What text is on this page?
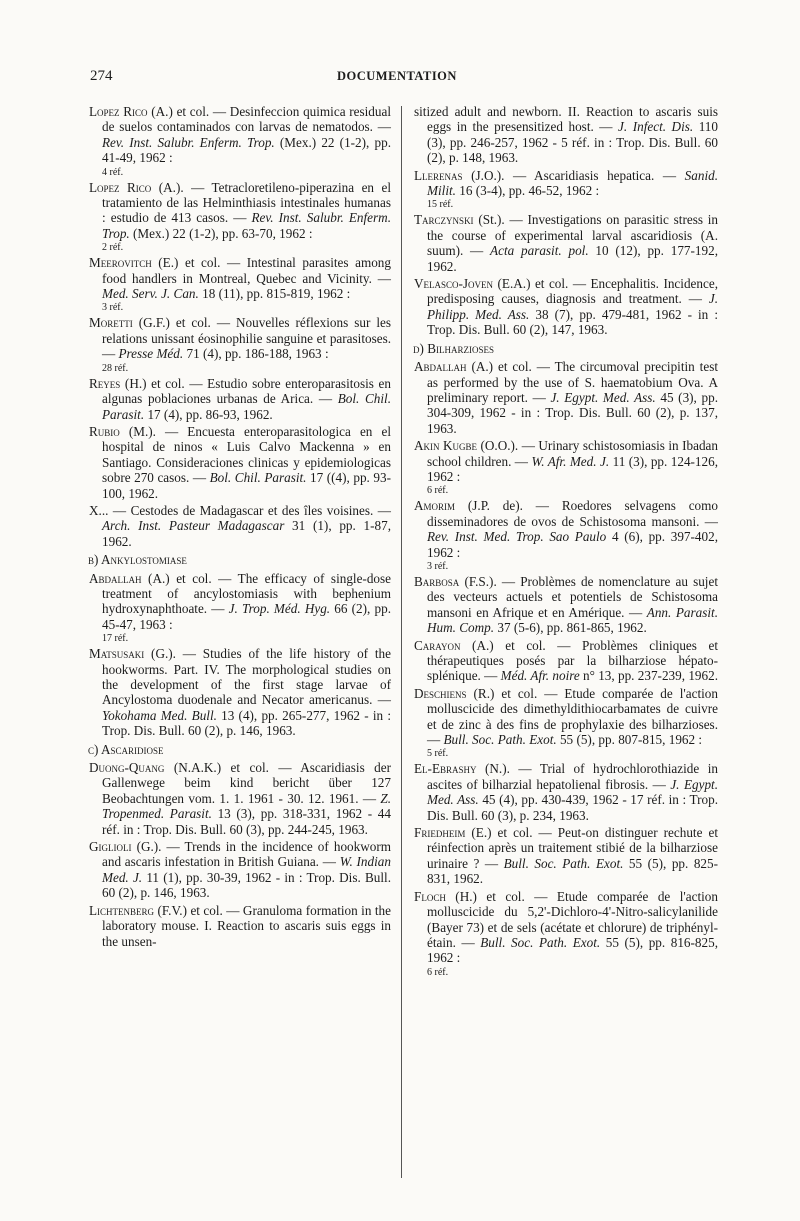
274	DOCUMENTATION
Lopez Rico (A.) et col. — Desinfeccion quimica residual de suelos contaminados con larvas de nematodos. — Rev. Inst. Salubr. Enferm. Trop. (Mex.) 22 (1-2), pp. 41-49, 1962 :
4 réf.
Lopez Rico (A.). — Tetracloretileno-piperazina en el tratamiento de las Helminthiasis intestinales humanas : estudio de 413 casos. — Rev. Inst. Salubr. Enferm. Trop. (Mex.) 22 (1-2), pp. 63-70, 1962 :
2 réf.
Meerovitch (E.) et col. — Intestinal parasites among food handlers in Montreal, Quebec and Vicinity. — Med. Serv. J. Can. 18 (11), pp. 815-819, 1962 :
3 réf.
Moretti (G.F.) et col. — Nouvelles réflexions sur les relations unissant éosinophilie sanguine et parasitoses. — Presse Méd. 71 (4), pp. 186-188, 1963 :
28 réf.
Reyes (H.) et col. — Estudio sobre enteroparasitosis en algunas poblaciones urbanas de Arica. — Bol. Chil. Parasit. 17 (4), pp. 86-93, 1962.
Rubio (M.). — Encuesta enteroparasitologica en el hospital de ninos « Luis Calvo Mackenna » en Santiago. Consideraciones clinicas y epidemiologicas sobre 270 casos. — Bol. Chil. Parasit. 17 ((4), pp. 93-100, 1962.
X... — Cestodes de Madagascar et des îles voisines. — Arch. Inst. Pasteur Madagascar 31 (1), pp. 1-87, 1962.
b) Ankylostomiase
Abdallah (A.) et col. — The efficacy of single-dose treatment of ancylostomiasis with bephenium hydroxynaphthoate. — J. Trop. Méd. Hyg. 66 (2), pp. 45-47, 1963 :
17 réf.
Matsusaki (G.). — Studies of the life history of the hookworms. Part. IV. The morphological studies on the development of the first stage larvae of Ancylostoma duodenale and Necator americanus. — Yokohama Med. Bull. 13 (4), pp. 265-277, 1962 - in : Trop. Dis. Bull. 60 (2), p. 146, 1963.
c) Ascaridiose
Duong-Quang (N.A.K.) et col. — Ascaridiasis der Gallenwege beim kind bericht über 127 Beobachtungen vom. 1. 1. 1961 - 30. 12. 1961. — Z. Tropenmed. Parasit. 13 (3), pp. 318-331, 1962 - 44 réf. in : Trop. Dis. Bull. 60 (3), pp. 244-245, 1963.
Giglioli (G.). — Trends in the incidence of hookworm and ascaris infestation in British Guiana. — W. Indian Med. J. 11 (1), pp. 30-39, 1962 - in : Trop. Dis. Bull. 60 (2), p. 146, 1963.
Lichtenberg (F.V.) et col. — Granuloma formation in the laboratory mouse. I. Reaction to ascaris suis eggs in the unsen-
sitized adult and newborn. II. Reaction to ascaris suis eggs in the presensitized host. — J. Infect. Dis. 110 (3), pp. 246-257, 1962 - 5 réf. in : Trop. Dis. Bull. 60 (2), p. 148, 1963.
Llerenas (J.O.). — Ascaridiasis hepatica. — Sanid. Milit. 16 (3-4), pp. 46-52, 1962 :
15 réf.
Tarczynski (St.). — Investigations on parasitic stress in the course of experimental larval ascaridiosis (A. suum). — Acta parasit. pol. 10 (12), pp. 177-192, 1962.
Velasco-Joven (E.A.) et col. — Encephalitis. Incidence, predisposing causes, diagnosis and treatment. — J. Philipp. Med. Ass. 38 (7), pp. 479-481, 1962 - in : Trop. Dis. Bull. 60 (2), 147, 1963.
d) Bilharzioses
Abdallah (A.) et col. — The circumoval precipitin test as performed by the use of S. haematobium Ova. A preliminary report. — J. Egypt. Med. Ass. 45 (3), pp. 304-309, 1962 - in : Trop. Dis. Bull. 60 (2), p. 137, 1963.
Akin Kugbe (O.O.). — Urinary schistosomiasis in Ibadan school children. — W. Afr. Med. J. 11 (3), pp. 124-126, 1962 :
6 réf.
Amorim (J.P. de). — Roedores selvagens como disseminadores de ovos de Schistosoma mansoni. — Rev. Inst. Med. Trop. Sao Paulo 4 (6), pp. 397-402, 1962 :
3 réf.
Barbosa (F.S.). — Problèmes de nomenclature au sujet des vecteurs actuels et potentiels de Schistosoma mansoni en Afrique et en Amérique. — Ann. Parasit. Hum. Comp. 37 (5-6), pp. 861-865, 1962.
Carayon (A.) et col. — Problèmes cliniques et thérapeutiques posés par la bilharziose hépato-splénique. — Méd. Afr. noire n° 13, pp. 237-239, 1962.
Deschiens (R.) et col. — Etude comparée de l'action molluscicide des dimethyldithiocarbamates de cuivre et de zinc à des fins de prophylaxie des bilharzioses. — Bull. Soc. Path. Exot. 55 (5), pp. 807-815, 1962 :
5 réf.
El-Ebrashy (N.). — Trial of hydrochlorothiazide in ascites of bilharzial hepatolienal fibrosis. — J. Egypt. Med. Ass. 45 (4), pp. 430-439, 1962 - 17 réf. in : Trop. Dis. Bull. 60 (3), p. 234, 1963.
Friedheim (E.) et col. — Peut-on distinguer rechute et réinfection après un traitement stibié de la bilharziose urinaire ? — Bull. Soc. Path. Exot. 55 (5), pp. 825-831, 1962.
Floch (H.) et col. — Etude comparée de l'action molluscicide du 5,2'-Dichloro-4'-Nitro-salicylanilide (Bayer 73) et de sels (acétate et chlorure) de triphényl-étain. — Bull. Soc. Path. Exot. 55 (5), pp. 816-825, 1962 :
6 réf.
